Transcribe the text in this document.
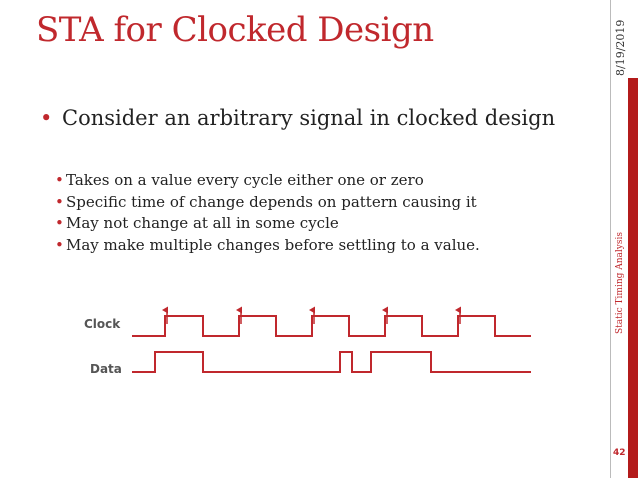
STA for Clocked Design
• Consider an arbitrary signal in clocked design
• Takes on a value every cycle either one or zero
• Specific time of change depends on pattern causing it
• May not change at all in some cycle
• May make multiple changes before settling to a value.
Clock
Data
8/19/2019
Static Timing Analysis
42
